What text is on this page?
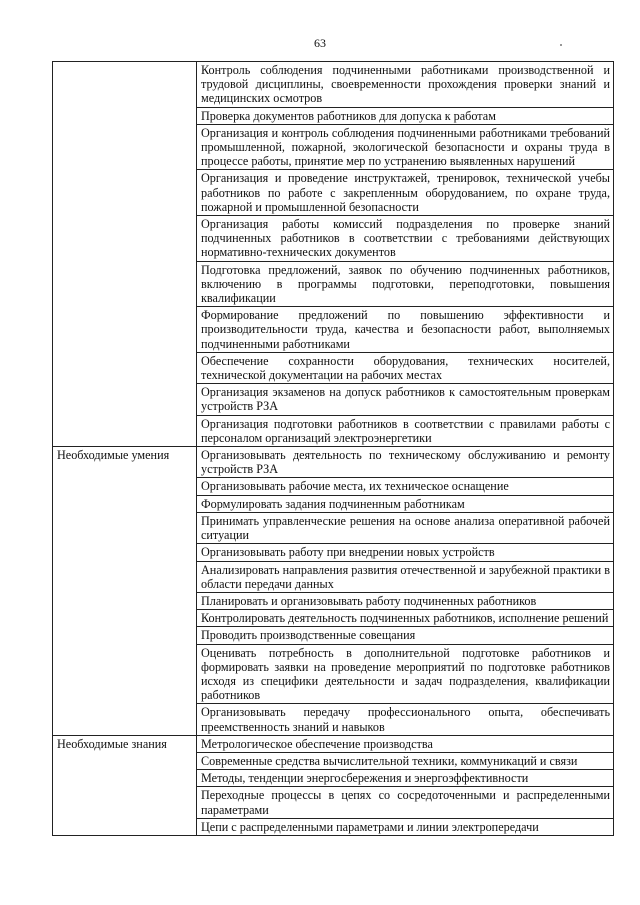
63
	Контроль соблюдения подчиненными работниками производственной и трудовой дисциплины, своевременности прохождения проверки знаний и медицинских осмотров
	Проверка документов работников для допуска к работам
	Организация и контроль соблюдения подчиненными работниками требований промышленной, пожарной, экологической безопасности и охраны труда в процессе работы, принятие мер по устранению выявленных нарушений
	Организация и проведение инструктажей, тренировок, технической учебы работников по работе с закрепленным оборудованием, по охране труда, пожарной и промышленной безопасности
	Организация работы комиссий подразделения по проверке знаний подчиненных работников в соответствии с требованиями действующих нормативно-технических документов
	Подготовка предложений, заявок по обучению подчиненных работников, включению в программы подготовки, переподготовки, повышения квалификации
	Формирование предложений по повышению эффективности и производительности труда, качества и безопасности работ, выполняемых подчиненными работниками
	Обеспечение сохранности оборудования, технических носителей, технической документации на рабочих местах
	Организация экзаменов на допуск работников к самостоятельным проверкам устройств РЗА
	Организация подготовки работников в соответствии с правилами работы с персоналом организаций электроэнергетики
Необходимые умения	Организовывать деятельность по техническому обслуживанию и ремонту устройств РЗА
	Организовывать рабочие места, их техническое оснащение
	Формулировать задания подчиненным работникам
	Принимать управленческие решения на основе анализа оперативной рабочей ситуации
	Организовывать работу при внедрении новых устройств
	Анализировать направления развития отечественной и зарубежной практики в области передачи данных
	Планировать и организовывать работу подчиненных работников
	Контролировать деятельность подчиненных работников, исполнение решений
	Проводить производственные совещания
	Оценивать потребность в дополнительной подготовке работников и формировать заявки на проведение мероприятий по подготовке работников исходя из специфики деятельности и задач подразделения, квалификации работников
	Организовывать передачу профессионального опыта, обеспечивать преемственность знаний и навыков
Необходимые знания	Метрологическое обеспечение производства
	Современные средства вычислительной техники, коммуникаций и связи
	Методы, тенденции энергосбережения и энергоэффективности
	Переходные процессы в цепях со сосредоточенными и распределенными параметрами
	Цепи с распределенными параметрами и линии электропередачи
